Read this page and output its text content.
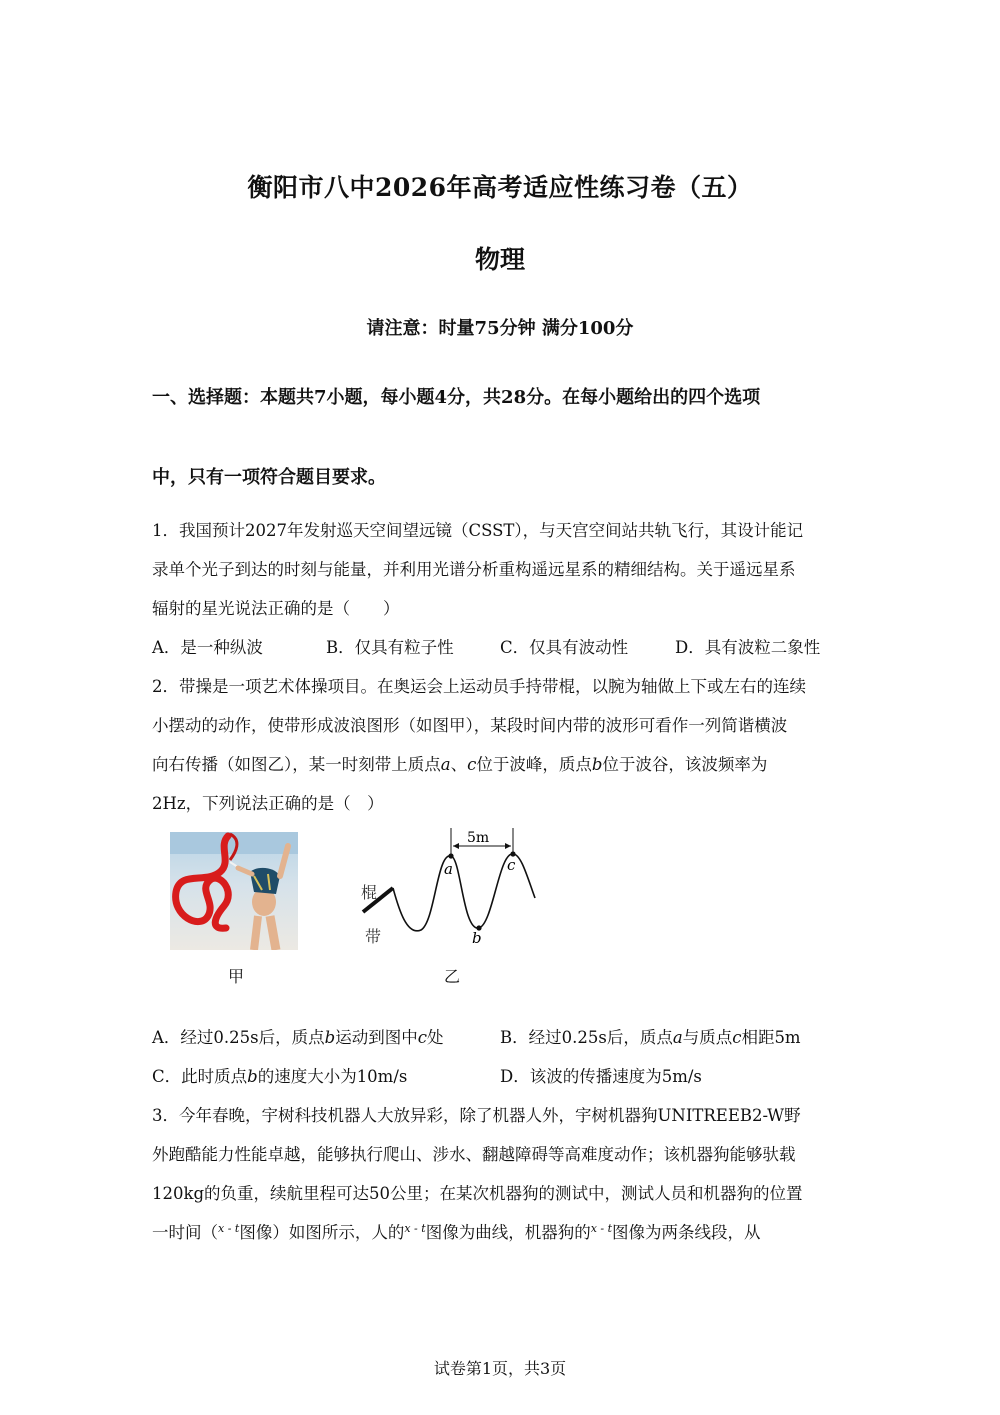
衡阳市八中2026年高考适应性练习卷（五）
物理
请注意：时量75分钟 满分100分
一、选择题：本题共7小题，每小题4分，共28分。在每小题给出的四个选项
中，只有一项符合题目要求。
1．我国预计2027年发射巡天空间望远镜（CSST），与天宫空间站共轨飞行，其设计能记
录单个光子到达的时刻与能量，并利用光谱分析重构遥远星系的精细结构。关于遥远星系
辐射的星光说法正确的是（　　）
A．是一种纵波	B．仅具有粒子性	C．仅具有波动性	D．具有波粒二象性
2．带操是一项艺术体操项目。在奥运会上运动员手持带棍，以腕为轴做上下或左右的连续
小摆动的动作，使带形成波浪图形（如图甲），某段时间内带的波形可看作一列简谐横波
向右传播（如图乙），某一时刻带上质点a、c位于波峰，质点b位于波谷，该波频率为
2Hz，下列说法正确的是（　）
5m
a
b
c
棍
带
甲	乙
A．经过0.25s后，质点b运动到图中c处	B．经过0.25s后，质点a与质点c相距5m
C．此时质点b的速度大小为10m/s	D．该波的传播速度为5m/s
3．今年春晚，宇树科技机器人大放异彩，除了机器人外，宇树机器狗UNITREEB2-W野
外跑酷能力性能卓越，能够执行爬山、涉水、翻越障碍等高难度动作；该机器狗能够驮载
120kg的负重，续航里程可达50公里；在某次机器狗的测试中，测试人员和机器狗的位置
一时间（$^{x - t}$图像）如图所示，人的$^{x - t}$图像为曲线，机器狗的$^{x - t}$图像为两条线段，从
试卷第1页，共3页
